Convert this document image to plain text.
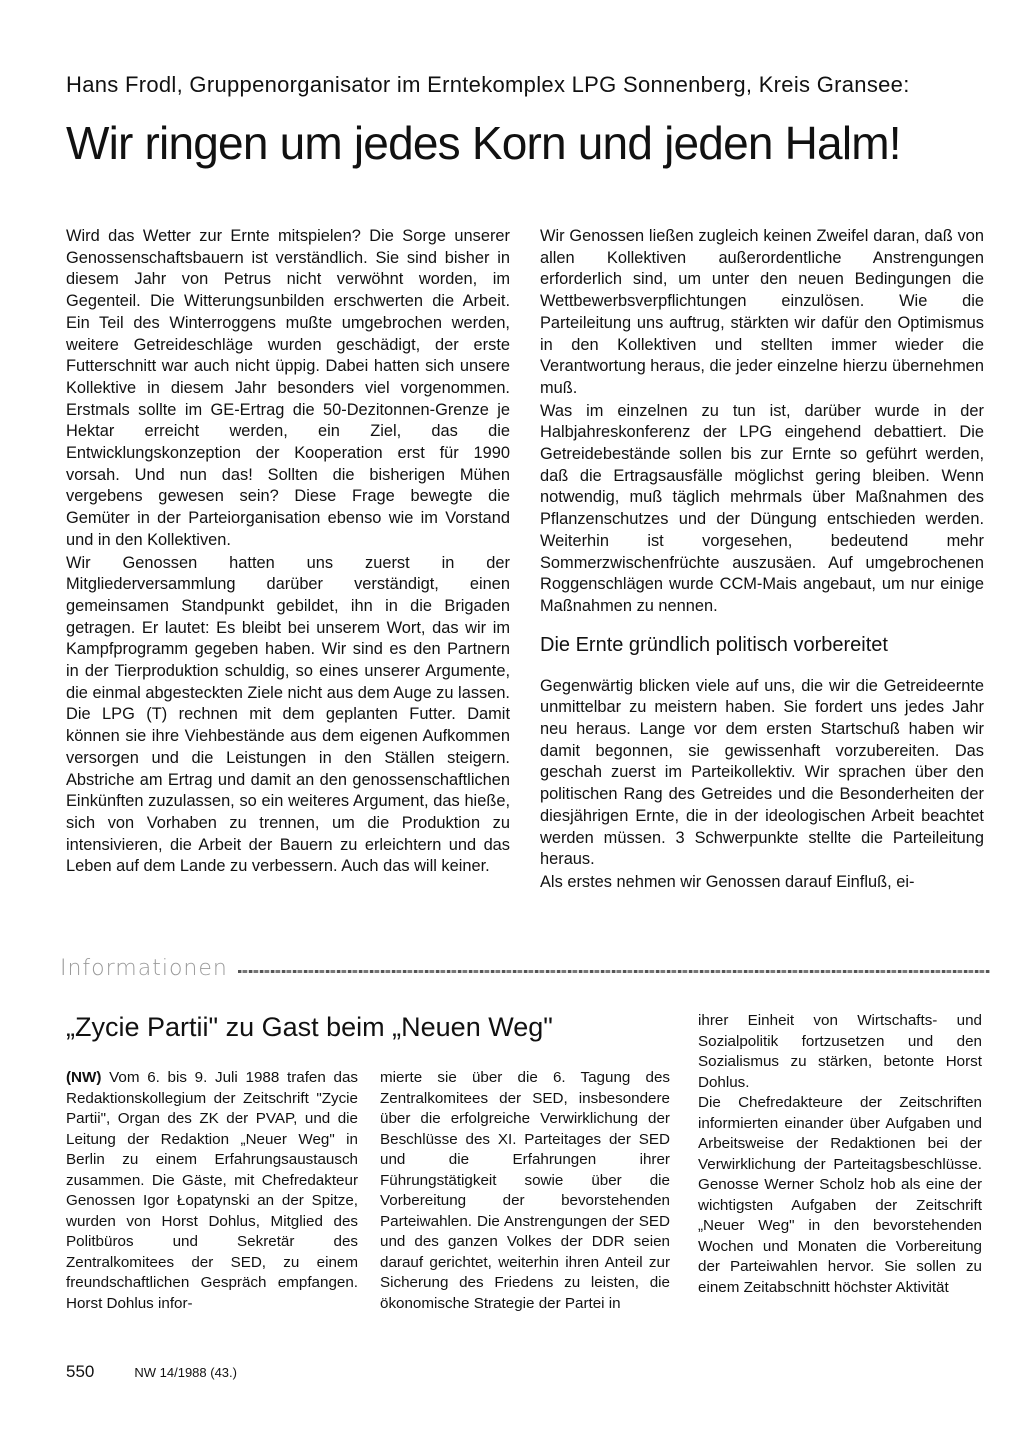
Hans Frodl, Gruppenorganisator im Erntekomplex LPG Sonnenberg, Kreis Gransee:
Wir ringen um jedes Korn und jeden Halm!

Wird das Wetter zur Ernte mitspielen? Die Sorge unserer Genossenschaftsbauern ist verständlich. Sie sind bisher in diesem Jahr von Petrus nicht verwöhnt worden, im Gegenteil. Die Witterungsunbilden erschwerten die Arbeit. Ein Teil des Winterroggens mußte umgebrochen werden, weitere Getreideschläge wurden geschädigt, der erste Futterschnitt war auch nicht üppig. Dabei hatten sich unsere Kollektive in diesem Jahr besonders viel vorgenommen. Erstmals sollte im GE-Ertrag die 50-Dezitonnen-Grenze je Hektar erreicht werden, ein Ziel, das die Entwicklungskonzeption der Kooperation erst für 1990 vorsah. Und nun das! Sollten die bisherigen Mühen vergebens gewesen sein? Diese Frage bewegte die Gemüter in der Parteiorganisation ebenso wie im Vorstand und in den Kollektiven.

Wir Genossen hatten uns zuerst in der Mitgliederversammlung darüber verständigt, einen gemeinsamen Standpunkt gebildet, ihn in die Brigaden getragen. Er lautet: Es bleibt bei unserem Wort, das wir im Kampfprogramm gegeben haben. Wir sind es den Partnern in der Tierproduktion schuldig, so eines unserer Argumente, die einmal abgesteckten Ziele nicht aus dem Auge zu lassen. Die LPG (T) rechnen mit dem geplanten Futter. Damit können sie ihre Viehbestände aus dem eigenen Aufkommen versorgen und die Leistungen in den Ställen steigern. Abstriche am Ertrag und damit an den genossenschaftlichen Einkünften zuzulassen, so ein weiteres Argument, das hieße, sich von Vorhaben zu trennen, um die Produktion zu intensivieren, die Arbeit der Bauern zu erleichtern und das Leben auf dem Lande zu verbessern. Auch das will keiner.

Wir Genossen ließen zugleich keinen Zweifel daran, daß von allen Kollektiven außerordentliche Anstrengungen erforderlich sind, um unter den neuen Bedingungen die Wettbewerbsverpflichtungen einzulösen. Wie die Parteileitung uns auftrug, stärkten wir dafür den Optimismus in den Kollektiven und stellten immer wieder die Verantwortung heraus, die jeder einzelne hierzu übernehmen muß.

Was im einzelnen zu tun ist, darüber wurde in der Halbjahreskonferenz der LPG eingehend debattiert. Die Getreidebestände sollen bis zur Ernte so geführt werden, daß die Ertragsausfälle möglichst gering bleiben. Wenn notwendig, muß täglich mehrmals über Maßnahmen des Pflanzenschutzes und der Düngung entschieden werden. Weiterhin ist vorgesehen, bedeutend mehr Sommerzwischenfrüchte auszusäen. Auf umgebrochenen Roggenschlägen wurde CCM-Mais angebaut, um nur einige Maßnahmen zu nennen.

Die Ernte gründlich politisch vorbereitet

Gegenwärtig blicken viele auf uns, die wir die Getreideernte unmittelbar zu meistern haben. Sie fordert uns jedes Jahr neu heraus. Lange vor dem ersten Startschuß haben wir damit begonnen, sie gewissenhaft vorzubereiten. Das geschah zuerst im Parteikollektiv. Wir sprachen über den politischen Rang des Getreides und die Besonderheiten der diesjährigen Ernte, die in der ideologischen Arbeit beachtet werden müssen. 3 Schwerpunkte stellte die Parteileitung heraus.

Als erstes nehmen wir Genossen darauf Einfluß, ei-

Informationen
„Zycie Partii" zu Gast beim „Neuen Weg"

(NW) Vom 6. bis 9. Juli 1988 trafen das Redaktionskollegium der Zeitschrift "Zycie Partii", Organ des ZK der PVAP, und die Leitung der Redaktion „Neuer Weg" in Berlin zu einem Erfahrungsaustausch zusammen. Die Gäste, mit Chefredakteur Genossen Igor Łopatynski an der Spitze, wurden von Horst Dohlus, Mitglied des Politbüros und Sekretär des Zentralkomitees der SED, zu einem freundschaftlichen Gespräch empfangen. Horst Dohlus infor-

mierte sie über die 6. Tagung des Zentralkomitees der SED, insbesondere über die erfolgreiche Verwirklichung der Beschlüsse des XI. Parteitages der SED und die Erfahrungen ihrer Führungstätigkeit sowie über die Vorbereitung der bevorstehenden Parteiwahlen. Die Anstrengungen der SED und des ganzen Volkes der DDR seien darauf gerichtet, weiterhin ihren Anteil zur Sicherung des Friedens zu leisten, die ökonomische Strategie der Partei in

ihrer Einheit von Wirtschafts- und Sozialpolitik fortzusetzen und den Sozialismus zu stärken, betonte Horst Dohlus.

Die Chefredakteure der Zeitschriften informierten einander über Aufgaben und Arbeitsweise der Redaktionen bei der Verwirklichung der Parteitagsbeschlüsse. Genosse Werner Scholz hob als eine der wichtigsten Aufgaben der Zeitschrift „Neuer Weg" in den bevorstehenden Wochen und Monaten die Vorbereitung der Parteiwahlen hervor. Sie sollen zu einem Zeitabschnitt höchster Aktivität

550	NW 14/1988 (43.)
